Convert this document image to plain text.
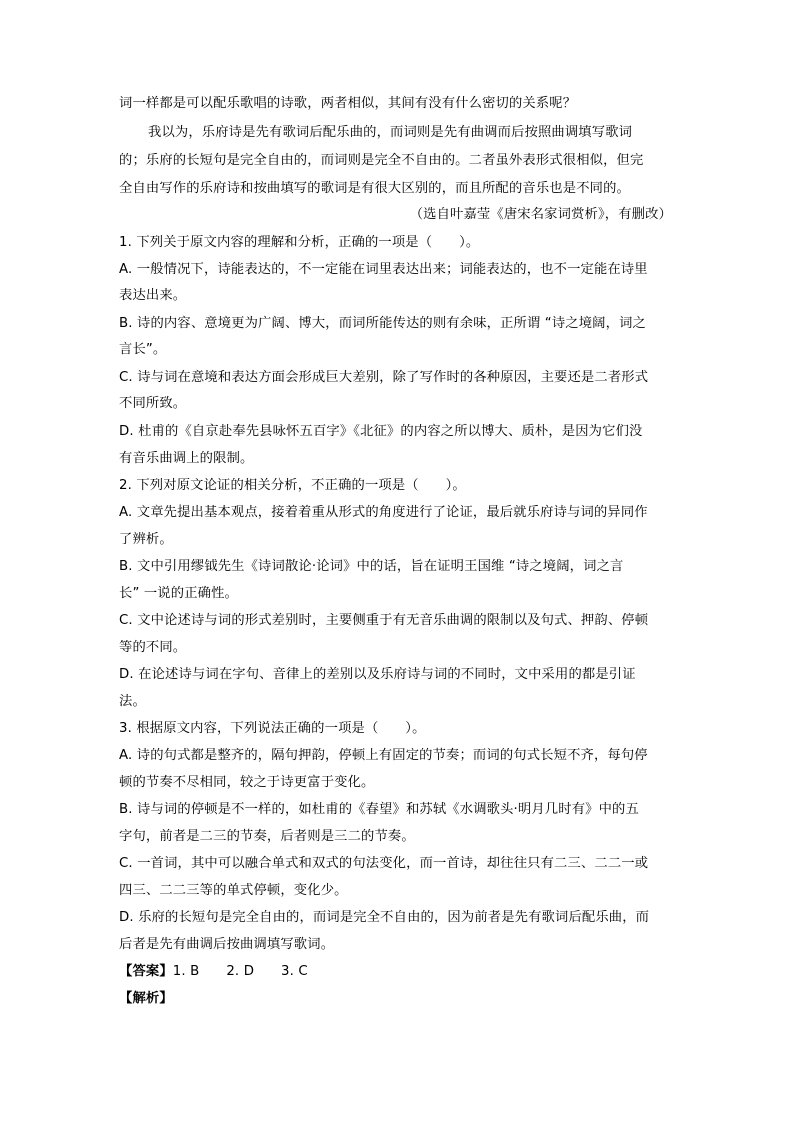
词一样都是可以配乐歌唱的诗歌，两者相似，其间有没有什么密切的关系呢？
我以为，乐府诗是先有歌词后配乐曲的，而词则是先有曲调而后按照曲调填写歌词
的；乐府的长短句是完全自由的，而词则是完全不自由的。二者虽外表形式很相似，但完
全自由写作的乐府诗和按曲填写的歌词是有很大区别的，而且所配的音乐也是不同的。
（选自叶嘉莹《唐宋名家词赏析》，有删改）
1. 下列关于原文内容的理解和分析，正确的一项是（　　）。
A. 一般情况下，诗能表达的，不一定能在词里表达出来；词能表达的，也不一定能在诗里
表达出来。
B. 诗的内容、意境更为广阔、博大，而词所能传达的则有余味，正所谓 “诗之境阔，词之
言长”。
C. 诗与词在意境和表达方面会形成巨大差别，除了写作时的各种原因，主要还是二者形式
不同所致。
D. 杜甫的《自京赴奉先县咏怀五百字》《北征》的内容之所以博大、质朴，是因为它们没
有音乐曲调上的限制。
2. 下列对原文论证的相关分析，不正确的一项是（　　）。
A. 文章先提出基本观点，接着着重从形式的角度进行了论证，最后就乐府诗与词的异同作
了辨析。
B. 文中引用缪钺先生《诗词散论·论词》中的话，旨在证明王国维 “诗之境阔，词之言
长” 一说的正确性。
C. 文中论述诗与词的形式差别时，主要侧重于有无音乐曲调的限制以及句式、押韵、停顿
等的不同。
D. 在论述诗与词在字句、音律上的差别以及乐府诗与词的不同时，文中采用的都是引证
法。
3. 根据原文内容，下列说法正确的一项是（　　）。
A. 诗的句式都是整齐的，隔句押韵，停顿上有固定的节奏；而词的句式长短不齐，每句停
顿的节奏不尽相同，较之于诗更富于变化。
B. 诗与词的停顿是不一样的，如杜甫的《春望》和苏轼《水调歌头·明月几时有》中的五
字句，前者是二三的节奏，后者则是三二的节奏。
C. 一首词，其中可以融合单式和双式的句法变化，而一首诗，却往往只有二三、二二一或
四三、二二三等的单式停顿，变化少。
D. 乐府的长短句是完全自由的，而词是完全不自由的，因为前者是先有歌词后配乐曲，而
后者是先有曲调后按曲调填写歌词。
【答案】1. B　　2. D　　3. C
【解析】
